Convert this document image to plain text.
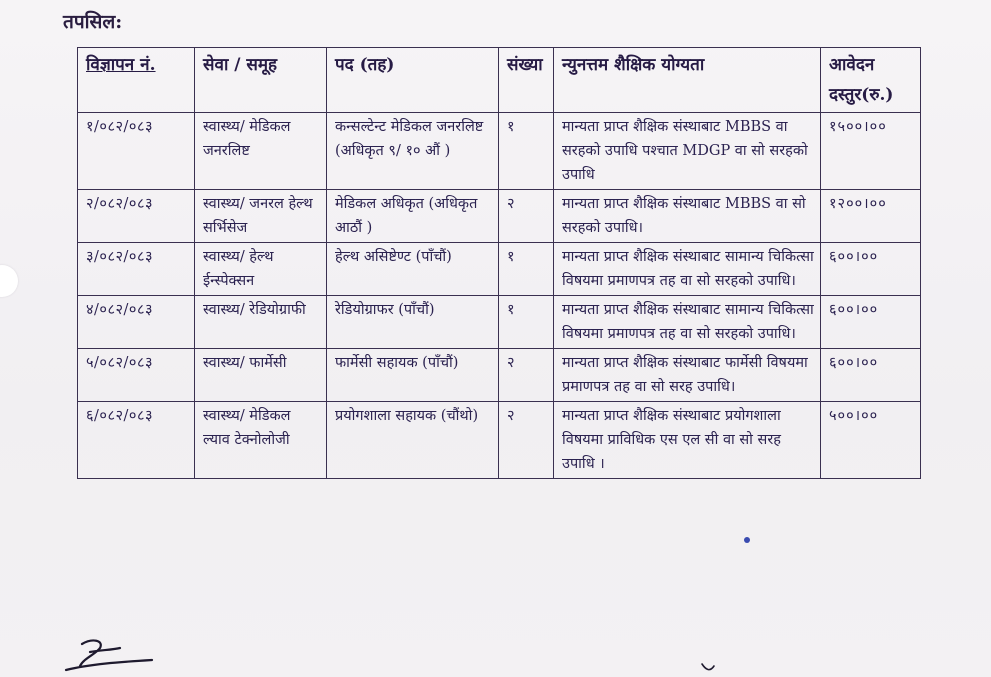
तपसिल:
विज्ञापन नं.	सेवा / समूह	पद (तह)	संख्या	न्युनत्तम शैक्षिक योग्यता	आवेदन दस्तुर(रु.)
१/०८२/०८३	स्वास्थ्य/ मेडिकल जनरलिष्ट	कन्सल्टेन्ट मेडिकल जनरलिष्ट (अधिकृत ९/ १० औं )	१	मान्यता प्राप्त शैक्षिक संस्थाबाट MBBS वा सरहको उपाधि पश्चात MDGP वा सो सरहको उपाधि	१५००।००
२/०८२/०८३	स्वास्थ्य/ जनरल हेल्थ सर्भिसेज	मेडिकल अधिकृत (अधिकृत आठौं )	२	मान्यता प्राप्त शैक्षिक संस्थाबाट MBBS वा सो सरहको उपाधि।	१२००।००
३/०८२/०८३	स्वास्थ्य/ हेल्थ ईन्स्पेक्सन	हेल्थ असिष्टेण्ट (पाँचौं)	१	मान्यता प्राप्त शैक्षिक संस्थाबाट सामान्य चिकित्सा विषयमा प्रमाणपत्र तह वा सो सरहको उपाधि।	६००।००
४/०८२/०८३	स्वास्थ्य/ रेडियोग्राफी	रेडियोग्राफर (पाँचौं)	१	मान्यता प्राप्त शैक्षिक संस्थाबाट सामान्य चिकित्सा विषयमा प्रमाणपत्र तह वा सो सरहको उपाधि।	६००।००
५/०८२/०८३	स्वास्थ्य/ फार्मेसी	फार्मेसी सहायक (पाँचौं)	२	मान्यता प्राप्त शैक्षिक संस्थाबाट फार्मेसी विषयमा प्रमाणपत्र तह वा सो सरह उपाधि।	६००।००
६/०८२/०८३	स्वास्थ्य/ मेडिकल ल्याव टेक्नोलोजी	प्रयोगशाला सहायक (चौंथो)	२	मान्यता प्राप्त शैक्षिक संस्थाबाट प्रयोगशाला विषयमा प्राविधिक एस एल सी वा सो सरह उपाधि ।	५००।००
